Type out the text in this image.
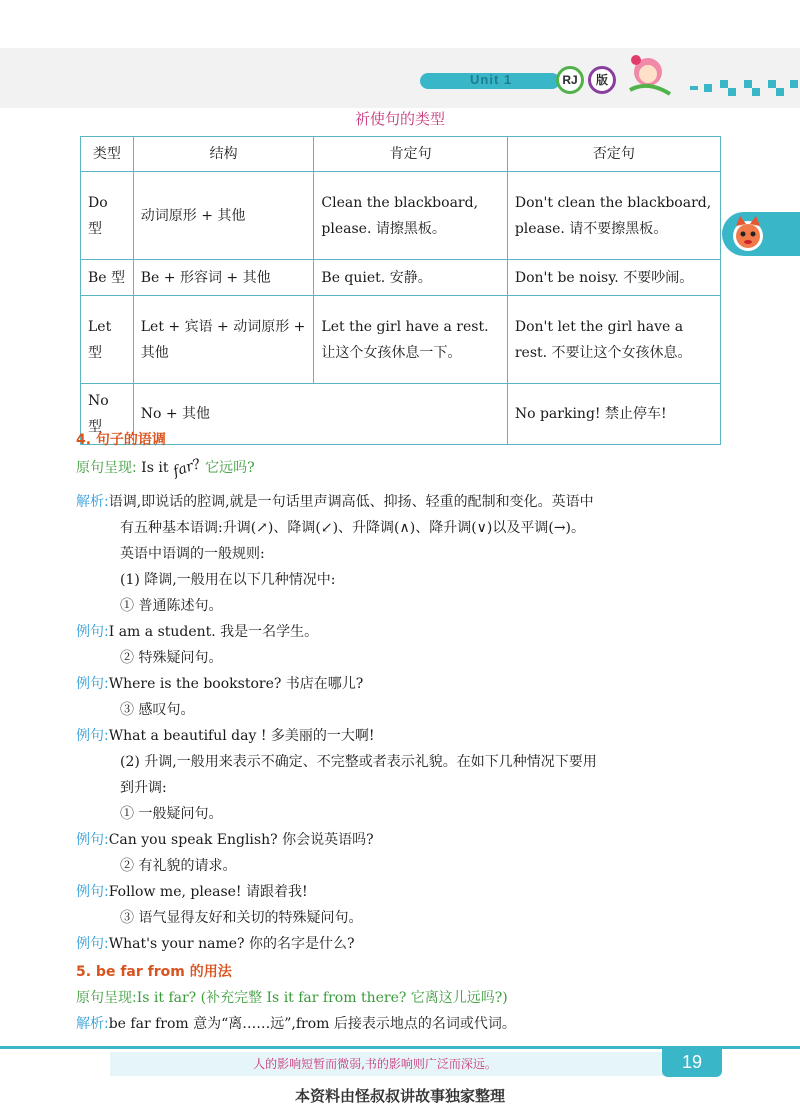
Unit 1	RJ	版
祈使句的类型
类型	结构	肯定句	否定句
Do 型	动词原形 + 其他	Clean the blackboard, please. 请擦黑板。	Don't clean the blackboard, please. 请不要擦黑板。
Be 型	Be + 形容词 + 其他	Be quiet. 安静。	Don't be noisy. 不要吵闹。
Let 型	Let + 宾语 + 动词原形 + 其他	Let the girl have a rest. 让这个女孩休息一下。	Don't let the girl have a rest. 不要让这个女孩休息。
No 型	No + 其他		No parking! 禁止停车!
4. 句子的语调
原句呈现: Is it far? 它远吗?
解析:语调,即说话的腔调,就是一句话里声调高低、抑扬、轻重的配制和变化。英语中
有五种基本语调:升调(↗)、降调(↙)、升降调(∧)、降升调(∨)以及平调(→)。
英语中语调的一般规则:
(1) 降调,一般用在以下几种情况中:
① 普通陈述句。
例句:I am a student. 我是一名学生。
② 特殊疑问句。
例句:Where is the bookstore? 书店在哪儿?
③ 感叹句。
例句:What a beautiful day ! 多美丽的一大啊!
(2) 升调,一般用来表示不确定、不完整或者表示礼貌。在如下几种情况下要用
到升调:
① 一般疑问句。
例句:Can you speak English? 你会说英语吗?
② 有礼貌的请求。
例句:Follow me, please! 请跟着我!
③ 语气显得友好和关切的特殊疑问句。
例句:What's your name? 你的名字是什么?
5. be far from 的用法
原句呈现:Is it far? (补充完整 Is it far from there? 它离这儿远吗?)
解析:be far from 意为“离……远”,from 后接表示地点的名词或代词。
人的影响短暂而微弱,书的影响则广泛而深远。	19
本资料由怪叔叔讲故事独家整理
